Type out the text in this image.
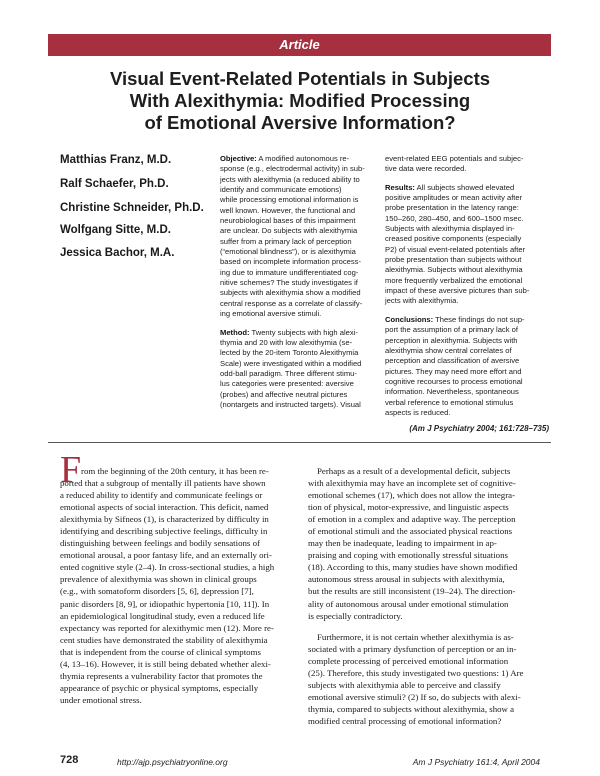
Article
Visual Event-Related Potentials in Subjects
With Alexithymia: Modified Processing
of Emotional Aversive Information?
Matthias Franz, M.D.
Ralf Schaefer, Ph.D.
Christine Schneider, Ph.D.
Wolfgang Sitte, M.D.
Jessica Bachor, M.A.
Objective: A modified autonomous re-
sponse (e.g., electrodermal activity) in sub-
jects with alexithymia (a reduced ability to
identify and communicate emotions)
while processing emotional information is
well known. However, the functional and
neurobiological bases of this impairment
are unclear. Do subjects with alexithymia
suffer from a primary lack of perception
(“emotional blindness”), or is alexithymia
based on incomplete information process-
ing due to immature undifferentiated cog-
nitive schemes? The study investigates if
subjects with alexithymia show a modified
central response as a correlate of classify-
ing emotional aversive stimuli.
Method: Twenty subjects with high alexi-
thymia and 20 with low alexithymia (se-
lected by the 20-item Toronto Alexithymia
Scale) were investigated within a modified
odd-ball paradigm. Three different stimu-
lus categories were presented: aversive
(probes) and affective neutral pictures
(nontargets and instructed targets). Visual
event-related EEG potentials and subjec-
tive data were recorded.
Results: All subjects showed elevated
positive amplitudes or mean activity after
probe presentation in the latency range:
150–260, 280–450, and 600–1500 msec.
Subjects with alexithymia displayed in-
creased positive components (especially
P2) of visual event-related potentials after
probe presentation than subjects without
alexithymia. Subjects without alexithymia
more frequently verbalized the emotional
impact of these aversive pictures than sub-
jects with alexithymia.
Conclusions: These findings do not sup-
port the assumption of a primary lack of
perception in alexithymia. Subjects with
alexithymia show central correlates of
perception and classification of aversive
pictures. They may need more effort and
cognitive recourses to process emotional
information. Nevertheless, spontaneous
verbal reference to emotional stimulus
aspects is reduced.
(Am J Psychiatry 2004; 161:728–735)
F rom the beginning of the 20th century, it has been re-
ported that a subgroup of mentally ill patients have shown
a reduced ability to identify and communicate feelings or
emotional aspects of social interaction. This deficit, named
alexithymia by Sifneos (1), is characterized by difficulty in
identifying and describing subjective feelings, difficulty in
distinguishing between feelings and bodily sensations of
emotional arousal, a poor fantasy life, and an externally ori-
ented cognitive style (2–4). In cross-sectional studies, a high
prevalence of alexithymia was shown in clinical groups
(e.g., with somatoform disorders [5, 6], depression [7],
panic disorders [8, 9], or idiopathic hypertonia [10, 11]). In
an epidemiological longitudinal study, even a reduced life
expectancy was reported for alexithymic men (12). More re-
cent studies have demonstrated the stability of alexithymia
that is independent from the course of clinical symptoms
(4, 13–16). However, it is still being debated whether alexi-
thymia represents a vulnerability factor that promotes the
appearance of psychic or physical symptoms, especially
under emotional stress.
Perhaps as a result of a developmental deficit, subjects
with alexithymia may have an incomplete set of cognitive-
emotional schemes (17), which does not allow the integra-
tion of physical, motor-expressive, and linguistic aspects
of emotion in a complex and adaptive way. The perception
of emotional stimuli and the associated physical reactions
may then be inadequate, leading to impairment in ap-
praising and coping with emotionally stressful situations
(18). According to this, many studies have shown modified
autonomous stress arousal in subjects with alexithymia,
but the results are still inconsistent (19–24). The direction-
ality of autonomous arousal under emotional stimulation
is especially contradictory.
Furthermore, it is not certain whether alexithymia is as-
sociated with a primary dysfunction of perception or an in-
complete processing of perceived emotional information
(25). Therefore, this study investigated two questions: 1) Are
subjects with alexithymia able to perceive and classify
emotional aversive stimuli? (2) If so, do subjects with alexi-
thymia, compared to subjects without alexithymia, show a
modified central processing of emotional information?
728	http://ajp.psychiatryonline.org	Am J Psychiatry 161:4, April 2004
